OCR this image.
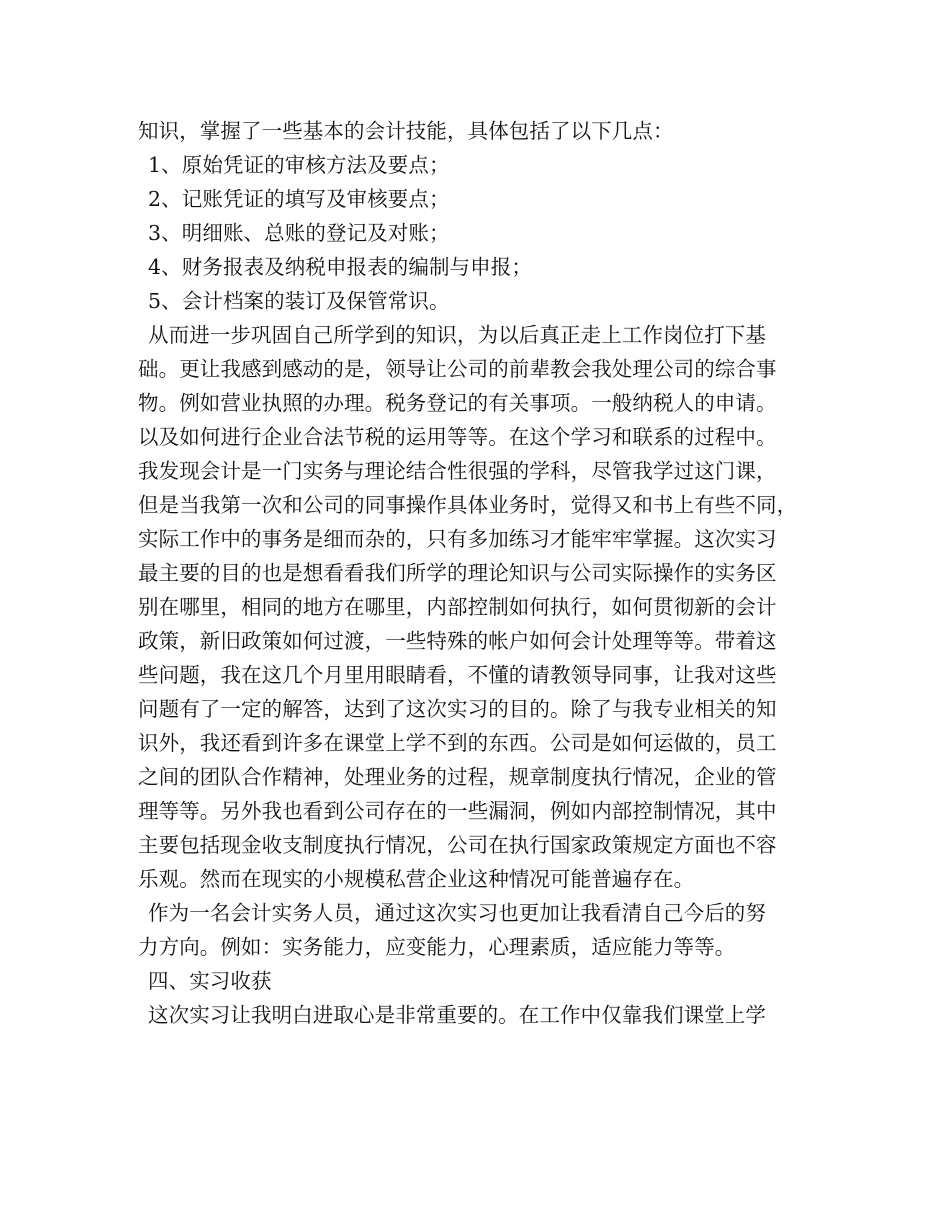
知识，掌握了一些基本的会计技能，具体包括了以下几点：
1、原始凭证的审核方法及要点；
2、记账凭证的填写及审核要点；
3、明细账、总账的登记及对账；
4、财务报表及纳税申报表的编制与申报；
5、会计档案的装订及保管常识。
从而进一步巩固自己所学到的知识，为以后真正走上工作岗位打下基
础。更让我感到感动的是，领导让公司的前辈教会我处理公司的综合事
物。例如营业执照的办理。税务登记的有关事项。一般纳税人的申请。
以及如何进行企业合法节税的运用等等。在这个学习和联系的过程中。
我发现会计是一门实务与理论结合性很强的学科，尽管我学过这门课，
但是当我第一次和公司的同事操作具体业务时，觉得又和书上有些不同，
实际工作中的事务是细而杂的，只有多加练习才能牢牢掌握。这次实习
最主要的目的也是想看看我们所学的理论知识与公司实际操作的实务区
别在哪里，相同的地方在哪里，内部控制如何执行，如何贯彻新的会计
政策，新旧政策如何过渡，一些特殊的帐户如何会计处理等等。带着这
些问题，我在这几个月里用眼睛看，不懂的请教领导同事，让我对这些
问题有了一定的解答，达到了这次实习的目的。除了与我专业相关的知
识外，我还看到许多在课堂上学不到的东西。公司是如何运做的，员工
之间的团队合作精神，处理业务的过程，规章制度执行情况，企业的管
理等等。另外我也看到公司存在的一些漏洞，例如内部控制情况，其中
主要包括现金收支制度执行情况，公司在执行国家政策规定方面也不容
乐观。然而在现实的小规模私营企业这种情况可能普遍存在。
作为一名会计实务人员，通过这次实习也更加让我看清自己今后的努
力方向。例如：实务能力，应变能力，心理素质，适应能力等等。
四、实习收获
这次实习让我明白进取心是非常重要的。在工作中仅靠我们课堂上学
